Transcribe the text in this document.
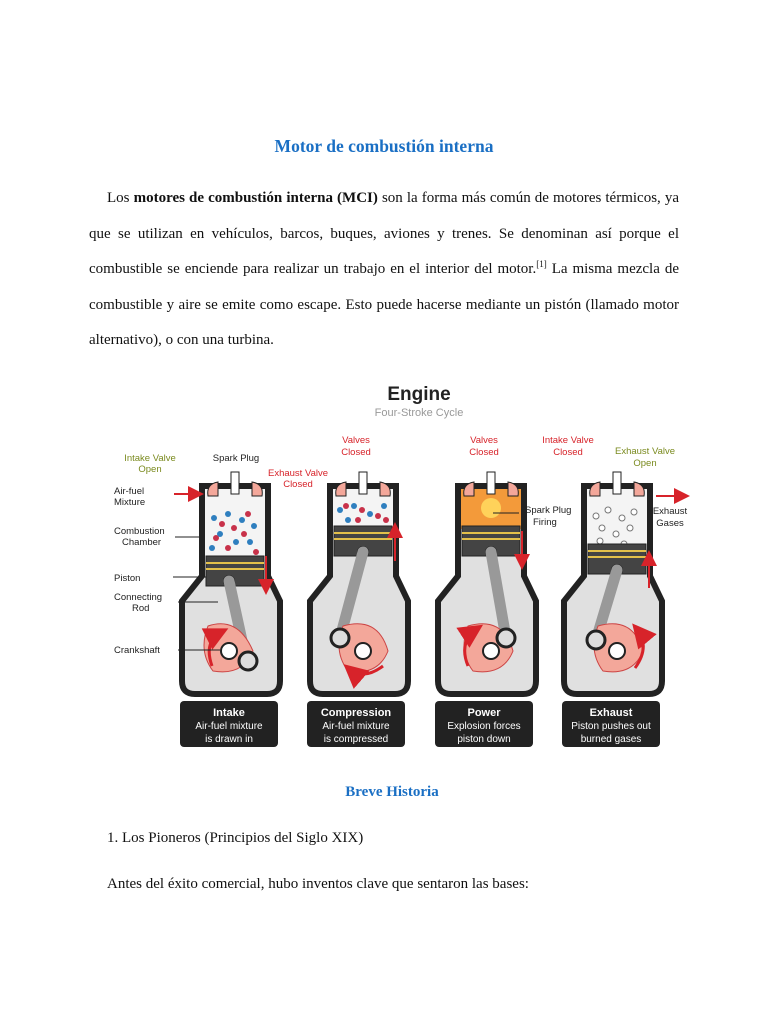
Motor de combustión interna

Los motores de combustión interna (MCI) son la forma más común de motores térmicos, ya que se utilizan en vehículos, barcos, buques, aviones y trenes. Se denominan así porque el combustible se enciende para realizar un trabajo en el interior del motor.[1] La misma mezcla de combustible y aire se emite como escape. Esto puede hacerse mediante un pistón (llamado motor alternativo), o con una turbina.

Engine
Four-Stroke Cycle
Intake Valve
Open
Spark Plug
Exhaust Valve
Closed
Air-fuel
Mixture
Combustion
Chamber
Piston
Connecting
Rod
Crankshaft
Valves
Closed
Valves
Closed
Spark Plug
Firing
Intake Valve
Closed	Exhaust Valve
Open
Exhaust
Gases
Intake
Air-fuel mixture
is drawn in
Compression
Air-fuel mixture
is compressed
Power
Explosion forces
piston down
Exhaust
Piston pushes out
burned gases
Breve Historia

1. Los Pioneros (Principios del Siglo XIX)

Antes del éxito comercial, hubo inventos clave que sentaron las bases:
